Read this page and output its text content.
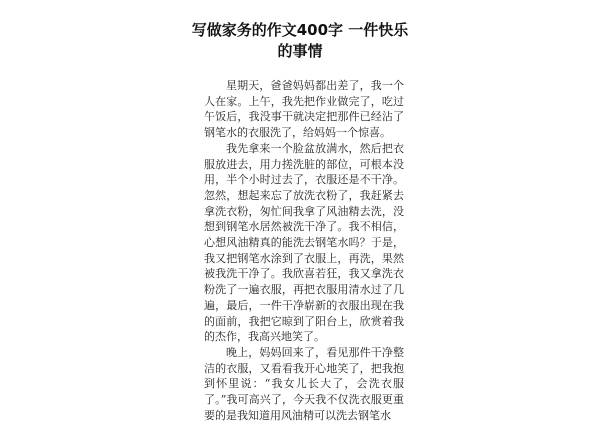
写做家务的作文400字 一件快乐的事情

星期天，爸爸妈妈都出差了，我一个人在家。上午，我先把作业做完了，吃过午饭后，我没事干就决定把那件已经沾了钢笔水的衣服洗了，给妈妈一个惊喜。

我先拿来一个脸盆放满水，然后把衣服放进去，用力搓洗脏的部位，可根本没用，半个小时过去了，衣服还是不干净。忽然，想起来忘了放洗衣粉了，我赶紧去拿洗衣粉，匆忙间我拿了风油精去洗，没想到钢笔水居然被洗干净了。我不相信，心想风油精真的能洗去钢笔水吗？于是，我又把钢笔水涂到了衣服上，再洗，果然被我洗干净了。我欣喜若狂，我又拿洗衣粉洗了一遍衣服，再把衣服用清水过了几遍，最后，一件干净崭新的衣服出现在我的面前，我把它晾到了阳台上，欣赏着我的杰作，我高兴地笑了。

晚上，妈妈回来了，看见那件干净整洁的衣服，又看看我开心地笑了，把我抱到怀里说：“我女儿长大了，会洗衣服了。”我可高兴了，今天我不仅洗衣服更重要的是我知道用风油精可以洗去钢笔水
